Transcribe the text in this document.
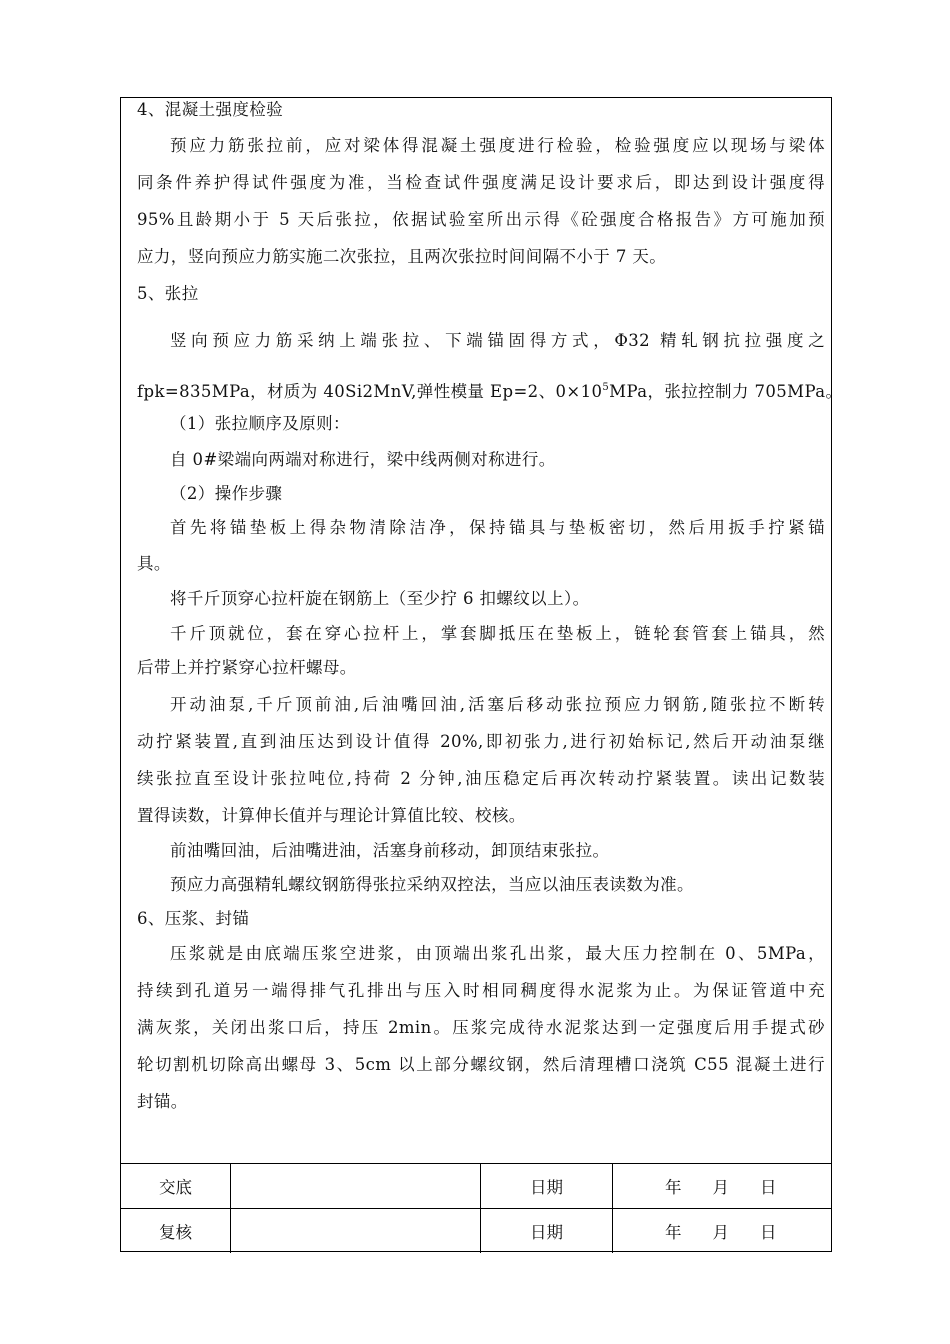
4、混凝土强度检验
预应力筋张拉前，应对梁体得混凝土强度进行检验，检验强度应以现场与梁体
同条件养护得试件强度为准，当检查试件强度满足设计要求后，即达到设计强度得
95%且龄期小于 5 天后张拉，依据试验室所出示得《砼强度合格报告》方可施加预
应力，竖向预应力筋实施二次张拉，且两次张拉时间间隔不小于 7 天。
5、张拉
竖向预应力筋采纳上端张拉、下端锚固得方式，Φ32 精轧钢抗拉强度之
fpk=835MPa，材质为 40Si2MnV,弹性模量 Ep=2、$0\times 10^5MPa$，张拉控制力 705MPa。
（1）张拉顺序及原则：
自 0#梁端向两端对称进行，梁中线两侧对称进行。
（2）操作步骤
首先将锚垫板上得杂物清除洁净，保持锚具与垫板密切，然后用扳手拧紧锚
具。
将千斤顶穿心拉杆旋在钢筋上（至少拧 6 扣螺纹以上）。
千斤顶就位，套在穿心拉杆上，掌套脚抵压在垫板上，链轮套管套上锚具，然
后带上并拧紧穿心拉杆螺母。
开动油泵,千斤顶前油,后油嘴回油,活塞后移动张拉预应力钢筋,随张拉不断转
动拧紧装置,直到油压达到设计值得 20%,即初张力,进行初始标记,然后开动油泵继
续张拉直至设计张拉吨位,持荷 2 分钟,油压稳定后再次转动拧紧装置。读出记数装
置得读数，计算伸长值并与理论计算值比较、校核。
前油嘴回油，后油嘴进油，活塞身前移动，卸顶结束张拉。
预应力高强精轧螺纹钢筋得张拉采纳双控法，当应以油压表读数为准。
6、压浆、封锚
压浆就是由底端压浆空进浆，由顶端出浆孔出浆，最大压力控制在 0、5MPa，
持续到孔道另一端得排气孔排出与压入时相同稠度得水泥浆为止。为保证管道中充
满灰浆，关闭出浆口后，持压 2min。压浆完成待水泥浆达到一定强度后用手提式砂
轮切割机切除高出螺母 3、5cm 以上部分螺纹钢，然后清理槽口浇筑 C55 混凝土进行
封锚。
交底	日期	年 月 日
复核	日期	年 月 日
